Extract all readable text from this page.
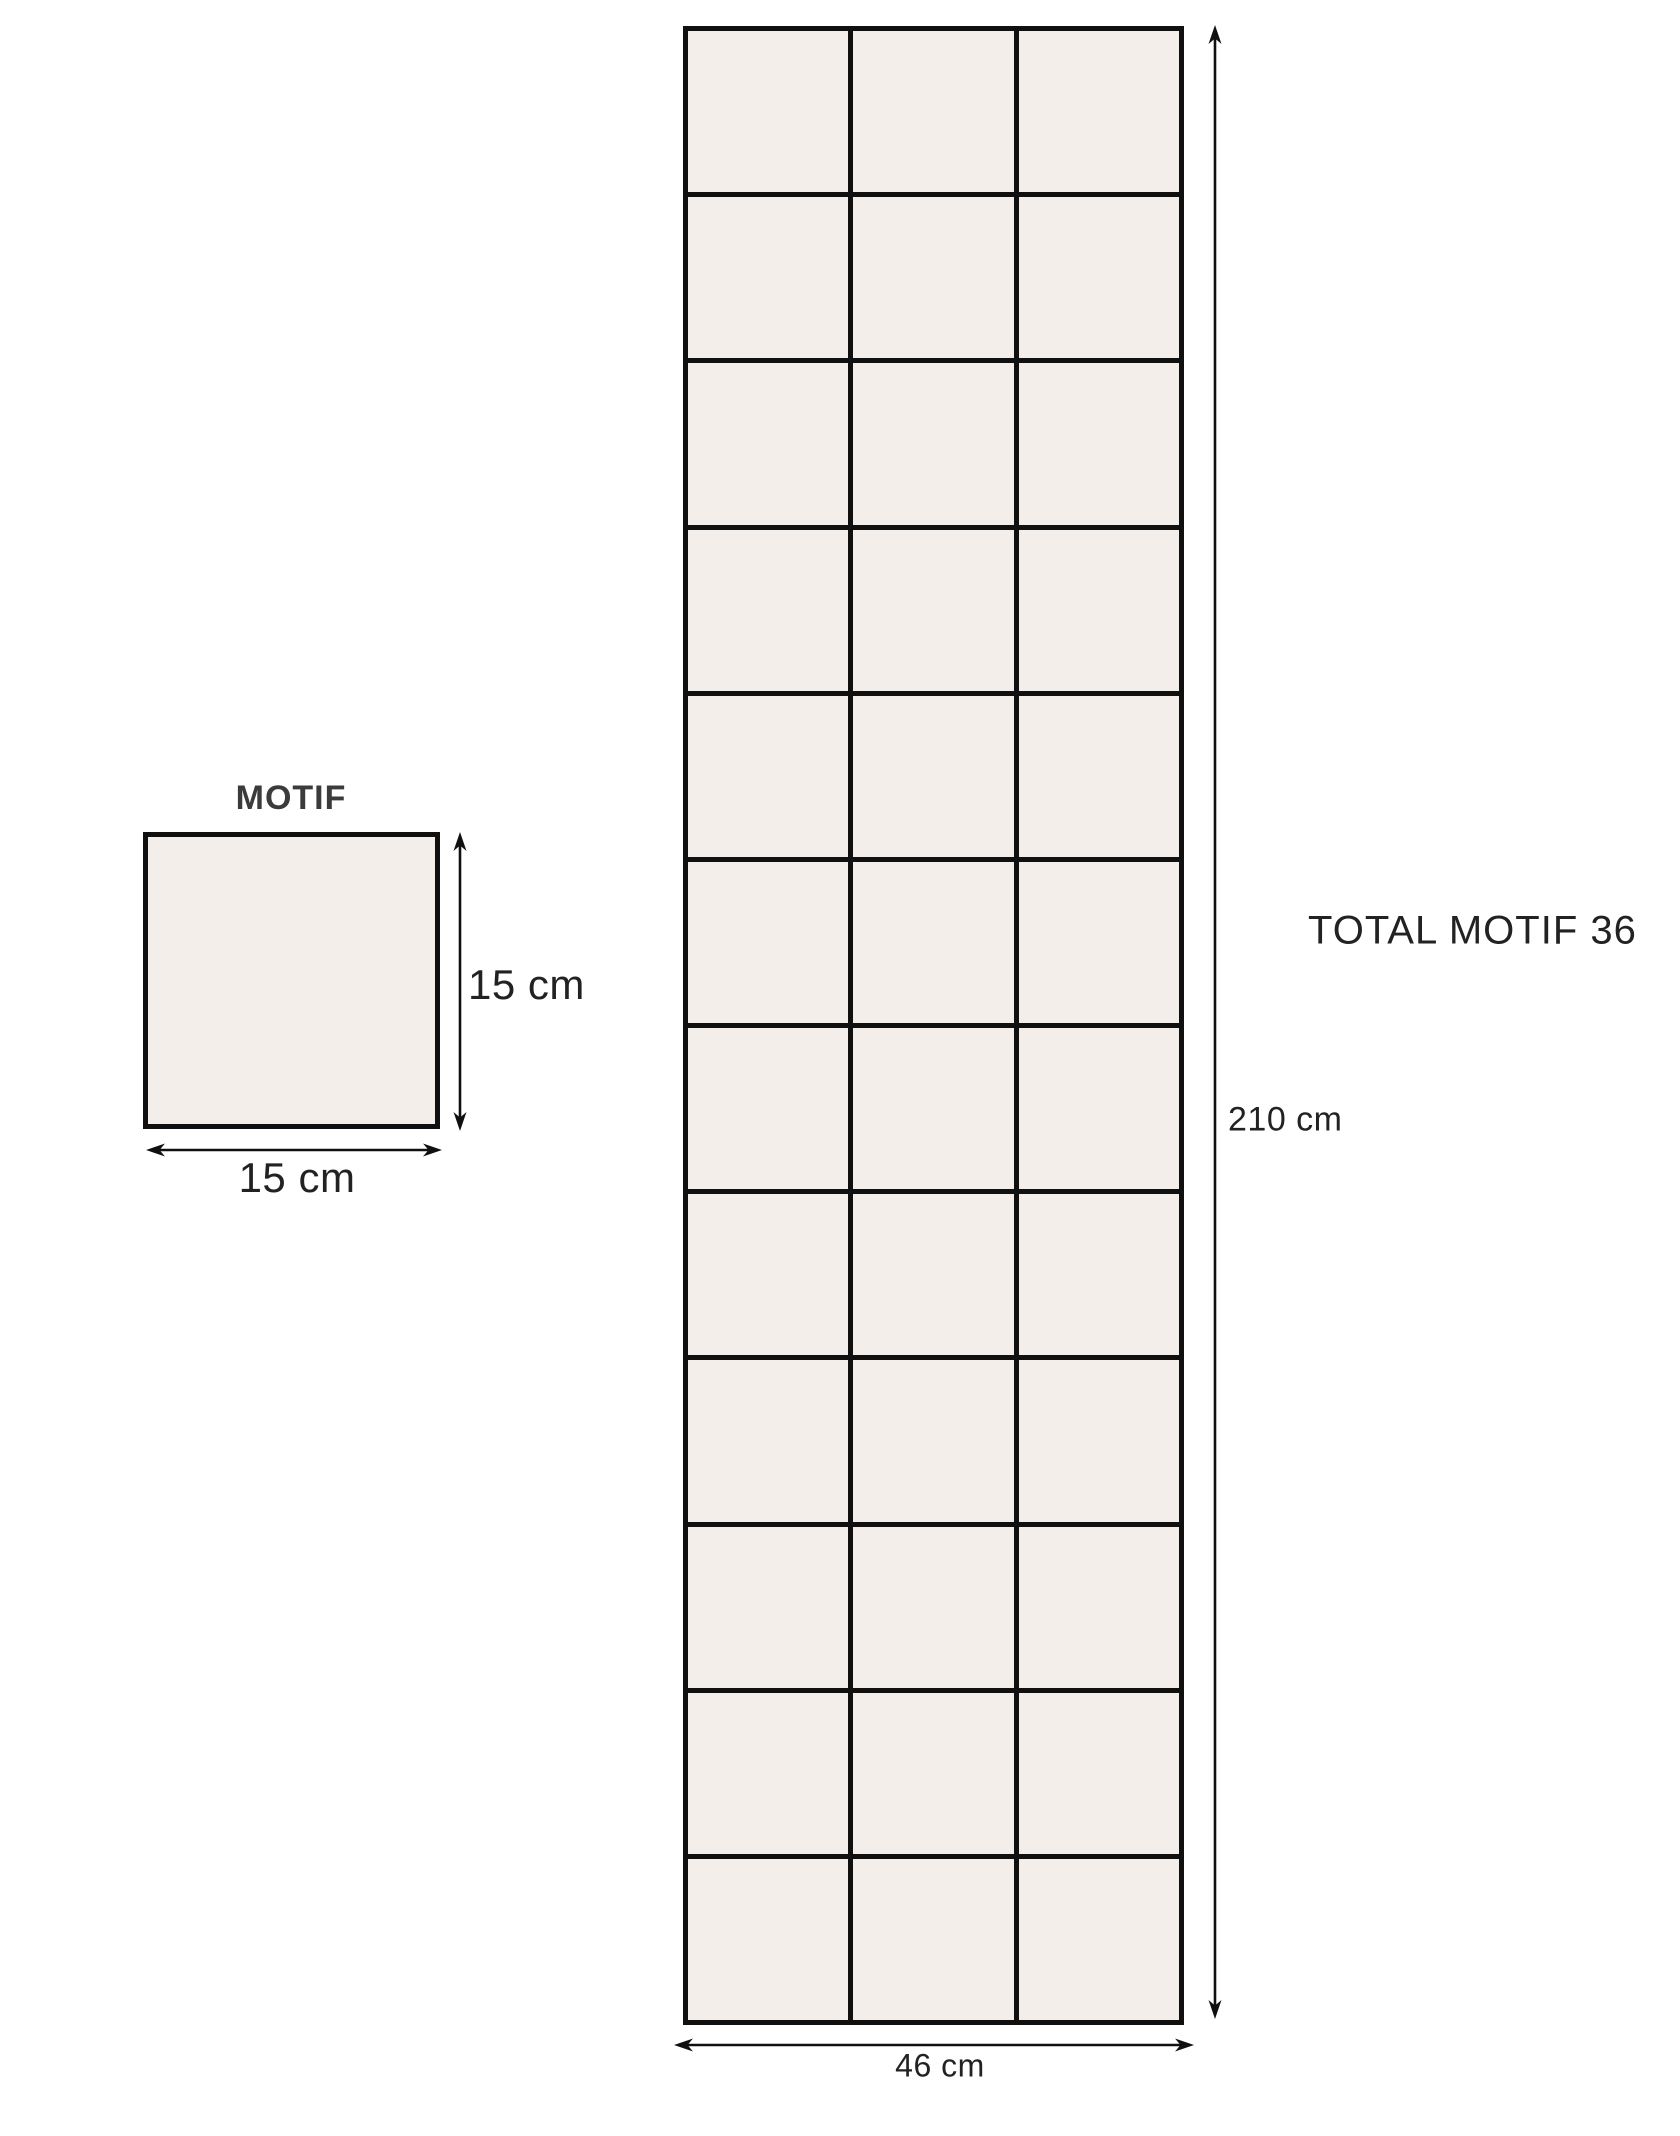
MOTIF
15 cm
15 cm
TOTAL MOTIF 36
210 cm
46 cm
